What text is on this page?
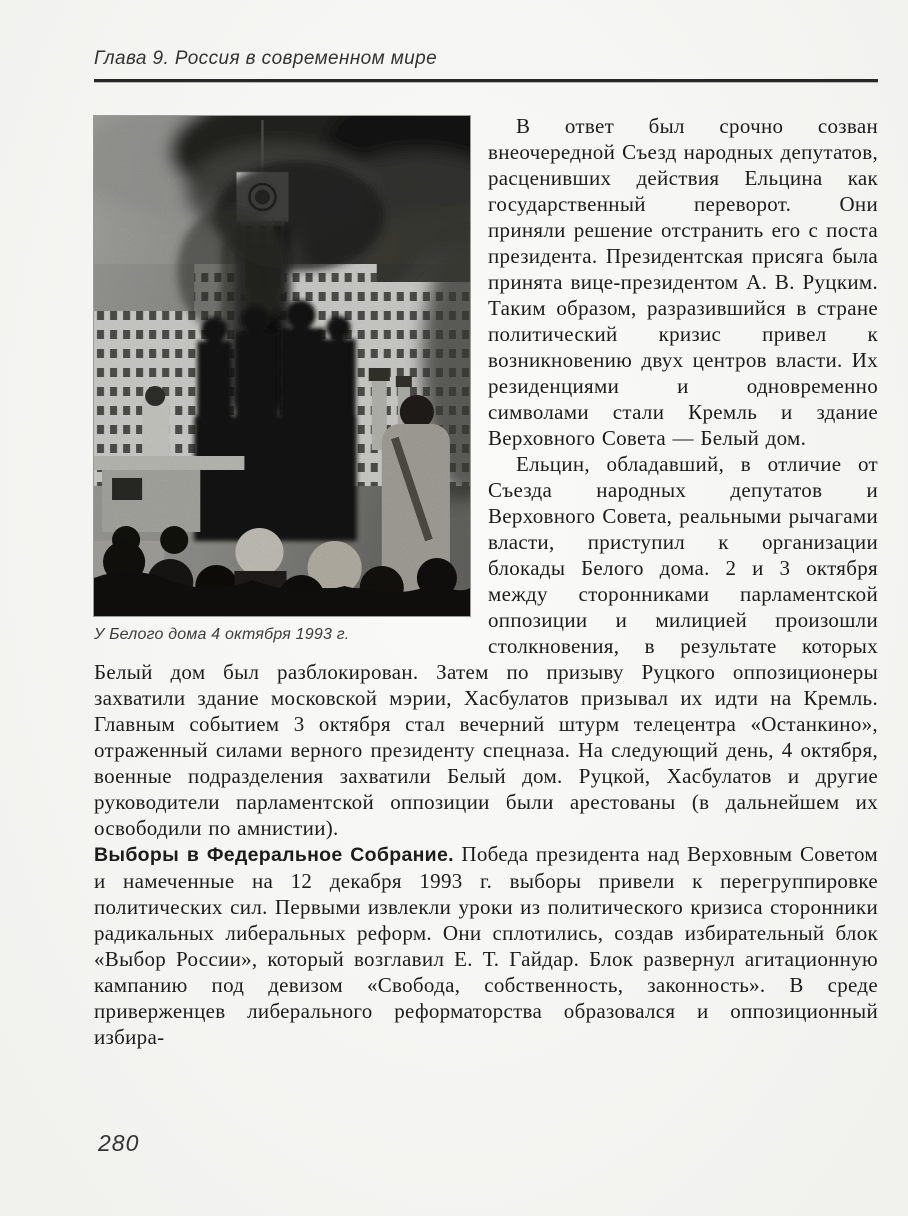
Глава 9. Россия в современном мире
У Белого дома 4 октября 1993 г.

В ответ был срочно созван внеочередной Съезд народных депутатов, расценивших действия Ельцина как государственный переворот. Они приняли решение отстранить его с поста президента. Президентская присяга была принята вице-президентом А. В. Руцким. Таким образом, разразившийся в стране политический кризис привел к возникновению двух центров власти. Их резиденциями и одновременно символами стали Кремль и здание Верховного Совета — Белый дом.

Ельцин, обладавший, в отличие от Съезда народных депутатов и Верховного Совета, реальными рычагами власти, приступил к организации блокады Белого дома. 2 и 3 октября между сторонниками парламентской оппозиции и милицией произошли столкновения, в результате которых Белый дом был разблокирован. Затем по призыву Руцкого оппозиционеры захватили здание московской мэрии, Хасбулатов призывал их идти на Кремль. Главным событием 3 октября стал вечерний штурм телецентра «Останкино», отраженный силами верного президенту спецназа. На следующий день, 4 октября, военные подразделения захватили Белый дом. Руцкой, Хасбулатов и другие руководители парламентской оппозиции были арестованы (в дальнейшем их освободили по амнистии).

Выборы в Федеральное Собрание. Победа президента над Верховным Советом и намеченные на 12 декабря 1993 г. выборы привели к перегруппировке политических сил. Первыми извлекли уроки из политического кризиса сторонники радикальных либеральных реформ. Они сплотились, создав избирательный блок «Выбор России», который возглавил Е. Т. Гайдар. Блок развернул агитационную кампанию под девизом «Свобода, собственность, законность». В среде приверженцев либерального реформаторства образовался и оппозиционный избира-

280
